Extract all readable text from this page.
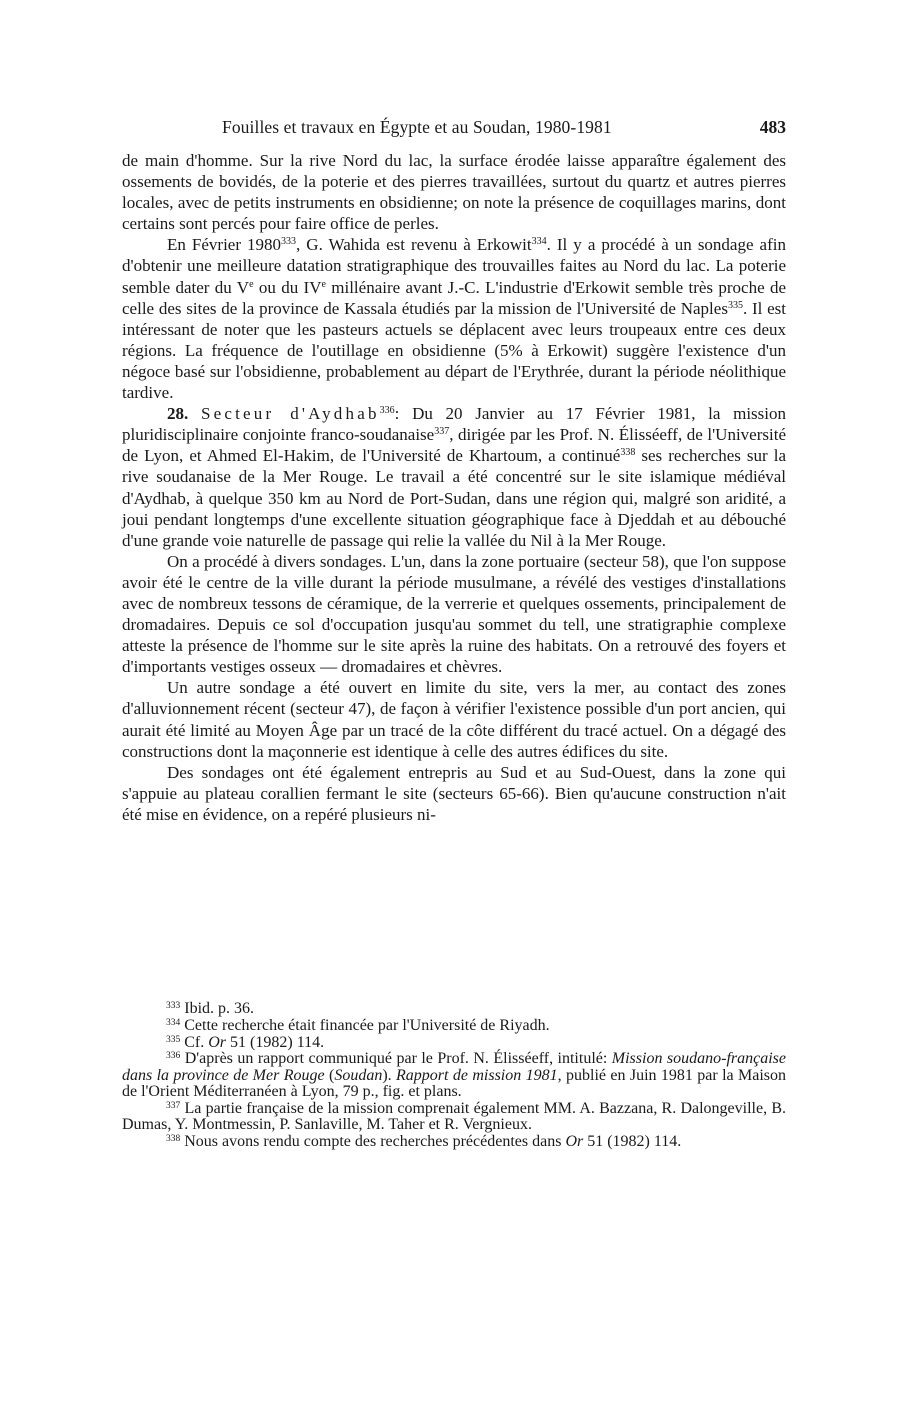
Fouilles et travaux en Égypte et au Soudan, 1980-1981	483

de main d'homme. Sur la rive Nord du lac, la surface érodée laisse apparaître également des ossements de bovidés, de la poterie et des pierres travaillées, surtout du quartz et autres pierres locales, avec de petits instruments en obsidienne; on note la présence de coquillages marins, dont certains sont percés pour faire office de perles.

En Février 1980$^{333}$, G. Wahida est revenu à Erkowit$^{334}$. Il y a procédé à un sondage afin d'obtenir une meilleure datation stratigraphique des trouvailles faites au Nord du lac. La poterie semble dater du Ve ou du IVe millénaire avant J.-C. L'industrie d'Erkowit semble très proche de celle des sites de la province de Kassala étudiés par la mission de l'Université de Naples$^{335}$. Il est intéressant de noter que les pasteurs actuels se déplacent avec leurs troupeaux entre ces deux régions. La fréquence de l'outillage en obsidienne (5% à Erkowit) suggère l'existence d'un négoce basé sur l'obsidienne, probablement au départ de l'Erythrée, durant la période néolithique tardive.

28. Secteur d'Aydhab$^{336}$: Du 20 Janvier au 17 Février 1981, la mission pluridisciplinaire conjointe franco-soudanaise$^{337}$, dirigée par les Prof. N. Élisséeff, de l'Université de Lyon, et Ahmed El-Hakim, de l'Université de Khartoum, a continué$^{338}$ ses recherches sur la rive soudanaise de la Mer Rouge. Le travail a été concentré sur le site islamique médiéval d'Aydhab, à quelque 350 km au Nord de Port-Sudan, dans une région qui, malgré son aridité, a joui pendant longtemps d'une excellente situation géographique face à Djeddah et au débouché d'une grande voie naturelle de passage qui relie la vallée du Nil à la Mer Rouge.

On a procédé à divers sondages. L'un, dans la zone portuaire (secteur 58), que l'on suppose avoir été le centre de la ville durant la période musulmane, a révélé des vestiges d'installations avec de nombreux tessons de céramique, de la verrerie et quelques ossements, principalement de dromadaires. Depuis ce sol d'occupation jusqu'au sommet du tell, une stratigraphie complexe atteste la présence de l'homme sur le site après la ruine des habitats. On a retrouvé des foyers et d'importants vestiges osseux — dromadaires et chèvres.

Un autre sondage a été ouvert en limite du site, vers la mer, au contact des zones d'alluvionnement récent (secteur 47), de façon à vérifier l'existence possible d'un port ancien, qui aurait été limité au Moyen Âge par un tracé de la côte différent du tracé actuel. On a dégagé des constructions dont la maçonnerie est identique à celle des autres édifices du site.

Des sondages ont été également entrepris au Sud et au Sud-Ouest, dans la zone qui s'appuie au plateau corallien fermant le site (secteurs 65-66). Bien qu'aucune construction n'ait été mise en évidence, on a repéré plusieurs ni-

$^{333}$ Ibid. p. 36.

$^{334}$ Cette recherche était financée par l'Université de Riyadh.

$^{335}$ Cf. Or 51 (1982) 114.

$^{336}$ D'après un rapport communiqué par le Prof. N. Élisséeff, intitulé: Mission soudano-française dans la province de Mer Rouge (Soudan). Rapport de mission 1981, publié en Juin 1981 par la Maison de l'Orient Méditerranéen à Lyon, 79 p., fig. et plans.

$^{337}$ La partie française de la mission comprenait également MM. A. Bazzana, R. Dalongeville, B. Dumas, Y. Montmessin, P. Sanlaville, M. Taher et R. Vergnieux.

$^{338}$ Nous avons rendu compte des recherches précédentes dans Or 51 (1982) 114.
